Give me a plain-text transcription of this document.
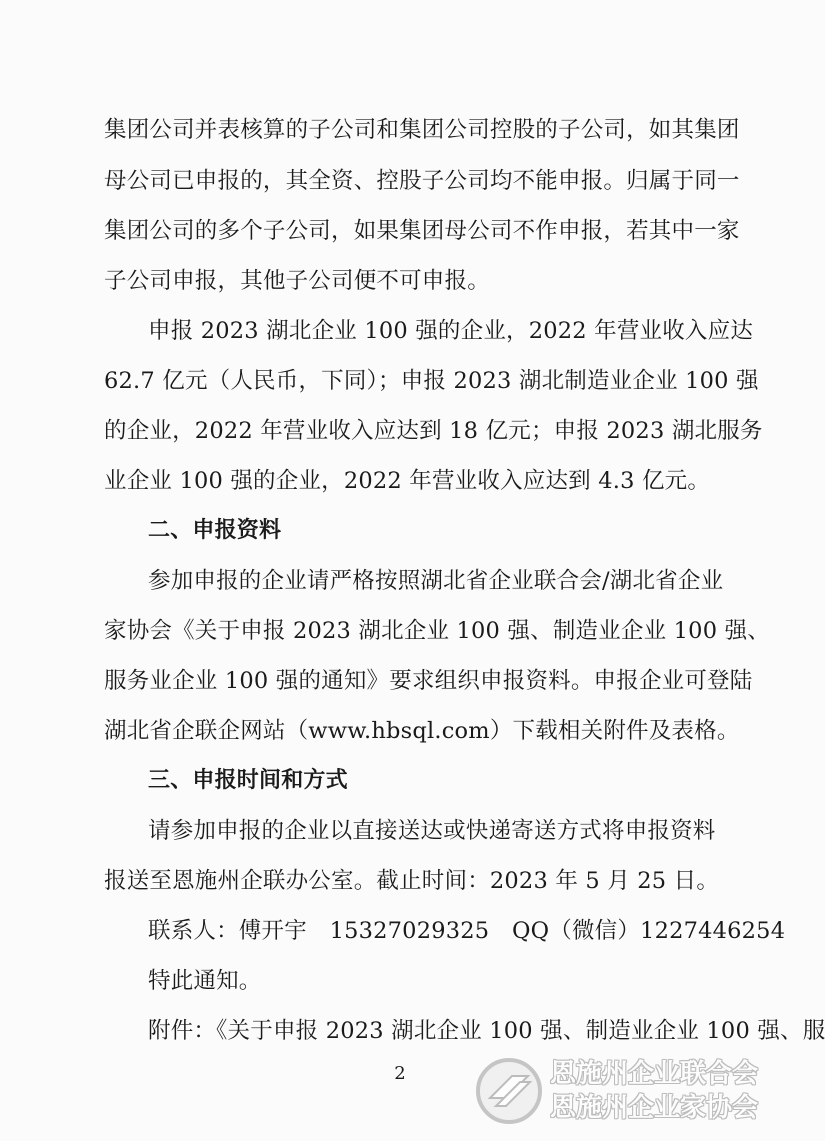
集团公司并表核算的子公司和集团公司控股的子公司，如其集团
母公司已申报的，其全资、控股子公司均不能申报。归属于同一
集团公司的多个子公司，如果集团母公司不作申报，若其中一家
子公司申报，其他子公司便不可申报。
申报 2023 湖北企业 100 强的企业，2022 年营业收入应达
62.7 亿元（人民币，下同）；申报 2023 湖北制造业企业 100 强
的企业，2022 年营业收入应达到 18 亿元；申报 2023 湖北服务
业企业 100 强的企业，2022 年营业收入应达到 4.3 亿元。
二、申报资料
参加申报的企业请严格按照湖北省企业联合会/湖北省企业
家协会《关于申报 2023 湖北企业 100 强、制造业企业 100 强、
服务业企业 100 强的通知》要求组织申报资料。申报企业可登陆
湖北省企联企网站（www.hbsql.com）下载相关附件及表格。
三、申报时间和方式
请参加申报的企业以直接送达或快递寄送方式将申报资料
报送至恩施州企联办公室。截止时间：2023 年 5 月 25 日。
联系人：傅开宇　15327029325　QQ（微信）1227446254
特此通知。
附件：《关于申报 2023 湖北企业 100 强、制造业企业 100 强、服
2	恩施州企业联合会
恩施州企业家协会
